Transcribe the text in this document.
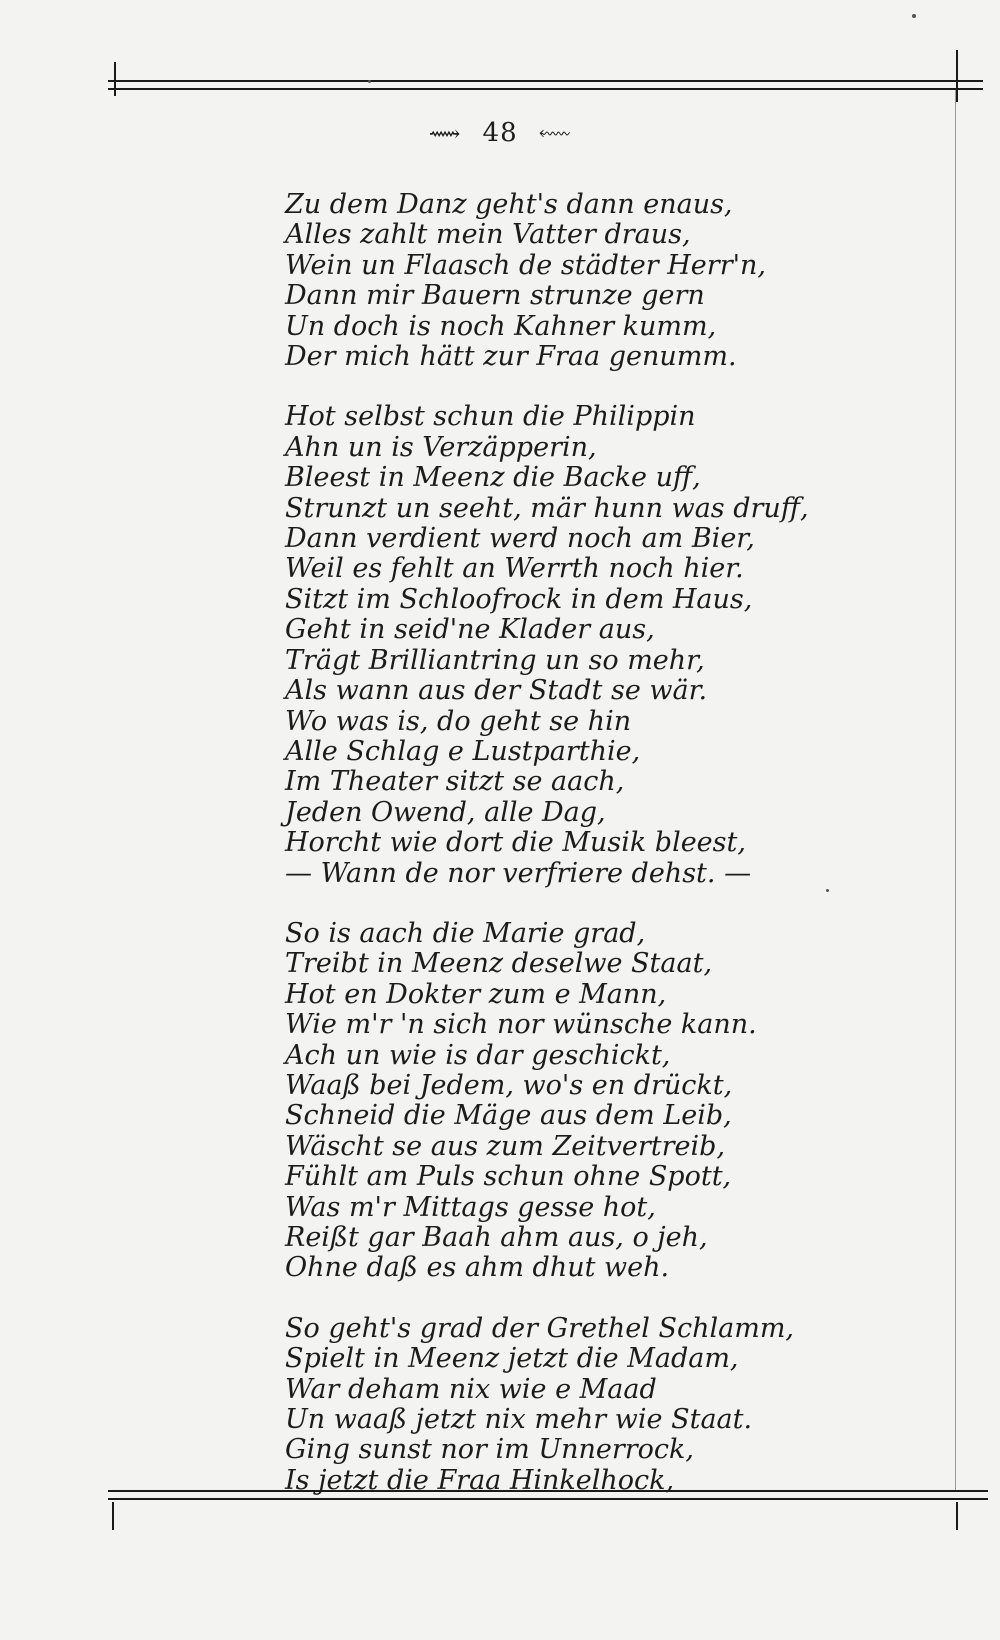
⟿ 48 ⬳
Zu dem Danz geht's dann enaus,
Alles zahlt mein Vatter draus,
Wein un Flaasch de städter Herr'n,
Dann mir Bauern strunze gern
Un doch is noch Kahner kumm,
Der mich hätt zur Fraa genumm.
Hot selbst schun die Philippin
Ahn un is Verzäpperin,
Bleest in Meenz die Backe uff,
Strunzt un seeht, mär hunn was druff,
Dann verdient werd noch am Bier,
Weil es fehlt an Werrth noch hier.
Sitzt im Schloofrock in dem Haus,
Geht in seid'ne Klader aus,
Trägt Brilliantring un so mehr,
Als wann aus der Stadt se wär.
Wo was is, do geht se hin
Alle Schlag e Lustparthie,
Im Theater sitzt se aach,
Jeden Owend, alle Dag,
Horcht wie dort die Musik bleest,
— Wann de nor verfriere dehst. —
So is aach die Marie grad,
Treibt in Meenz deselwe Staat,
Hot en Dokter zum e Mann,
Wie m'r 'n sich nor wünsche kann.
Ach un wie is dar geschickt,
Waaß bei Jedem, wo's en drückt,
Schneid die Mäge aus dem Leib,
Wäscht se aus zum Zeitvertreib,
Fühlt am Puls schun ohne Spott,
Was m'r Mittags gesse hot,
Reißt gar Baah ahm aus, o jeh,
Ohne daß es ahm dhut weh.
So geht's grad der Grethel Schlamm,
Spielt in Meenz jetzt die Madam,
War deham nix wie e Maad
Un waaß jetzt nix mehr wie Staat.
Ging sunst nor im Unnerrock,
Is jetzt die Fraa Hinkelhock,
